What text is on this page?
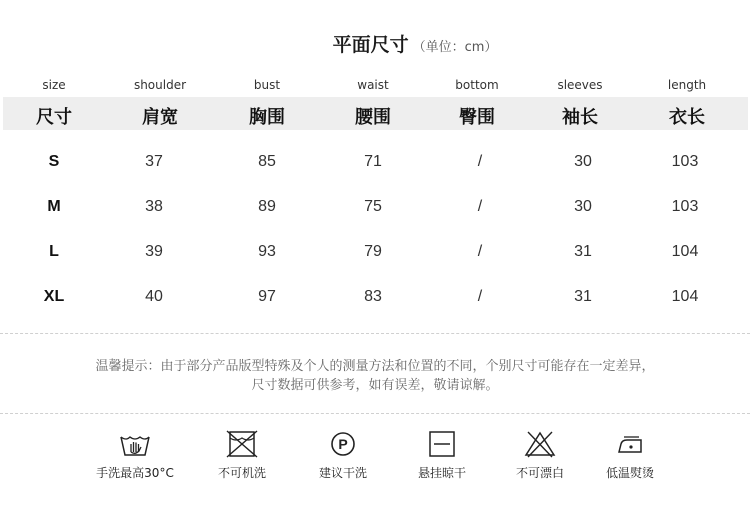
平面尺寸 （单位：cm）
size	shoulder	bust	waist	bottom	sleeves	length
尺寸	肩宽	胸围	腰围	臀围	袖长	衣长
S	37	85	71	/	30	103
M	38	89	75	/	30	103
L	39	93	79	/	31	104
XL	40	97	83	/	31	104
温馨提示：由于部分产品版型特殊及个人的测量方法和位置的不同，个别尺寸可能存在一定差异，
尺寸数据可供参考，如有误差，敬请谅解。
手洗最高30°C	不可机洗
P
建议干洗	悬挂晾干	不可漂白	低温熨烫
